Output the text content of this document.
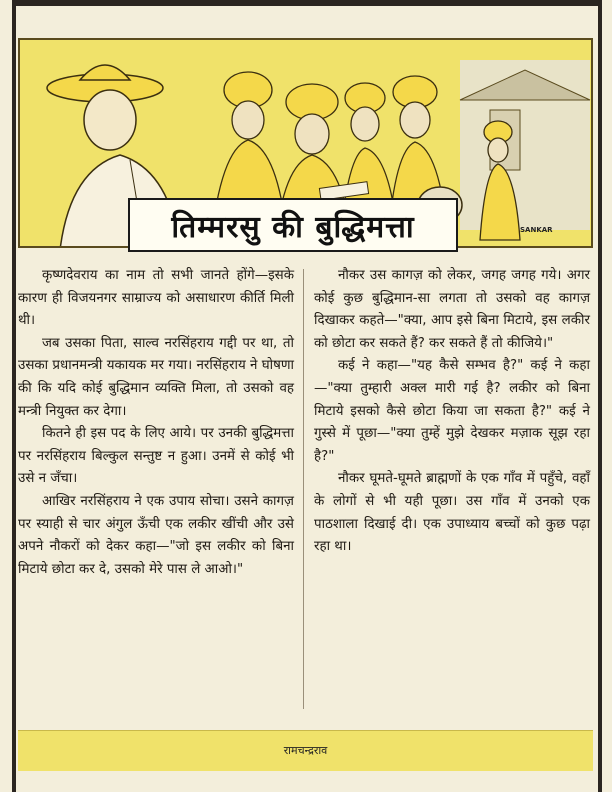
तिम्मरसु की बुद्धिमत्ता	SANKAR

कृष्णदेवराय का नाम तो सभी जानते होंगे—इसके कारण ही विजयनगर साम्राज्य को असाधारण कीर्ति मिली थी।

जब उसका पिता, साल्व नरसिंहराय गद्दी पर था, तो उसका प्रधानमन्त्री यकायक मर गया। नरसिंहराय ने घोषणा की कि यदि कोई बुद्धिमान व्यक्ति मिला, तो उसको वह मन्त्री नियुक्त कर देगा।

कितने ही इस पद के लिए आये। पर उनकी बुद्धिमत्ता पर नरसिंहराय बिल्कुल सन्तुष्ट न हुआ। उनमें से कोई भी उसे न जँचा।

आखिर नरसिंहराय ने एक उपाय सोचा। उसने कागज़ पर स्याही से चार अंगुल ऊँची एक लकीर खींची और उसे अपने नौकरों को देकर कहा—"जो इस लकीर को बिना मिटाये छोटा कर दे, उसको मेरे पास ले आओ।"

नौकर उस कागज़ को लेकर, जगह जगह गये। अगर कोई कुछ बुद्धिमान-सा लगता तो उसको वह कागज़ दिखाकर कहते—"क्या, आप इसे बिना मिटाये, इस लकीर को छोटा कर सकते हैं? कर सकते हैं तो कीजिये।"

कई ने कहा—"यह कैसे सम्भव है?" कई ने कहा—"क्या तुम्हारी अक्ल मारी गई है? लकीर को बिना मिटाये इसको कैसे छोटा किया जा सकता है?" कई ने गुस्से में पूछा—"क्या तुम्हें मुझे देखकर मज़ाक सूझ रहा है?"

नौकर घूमते-घूमते ब्राह्मणों के एक गाँव में पहुँचे, वहाँ के लोगों से भी यही पूछा। उस गाँव में उनको एक पाठशाला दिखाई दी। एक उपाध्याय बच्चों को कुछ पढ़ा रहा था।

रामचन्द्रराव
